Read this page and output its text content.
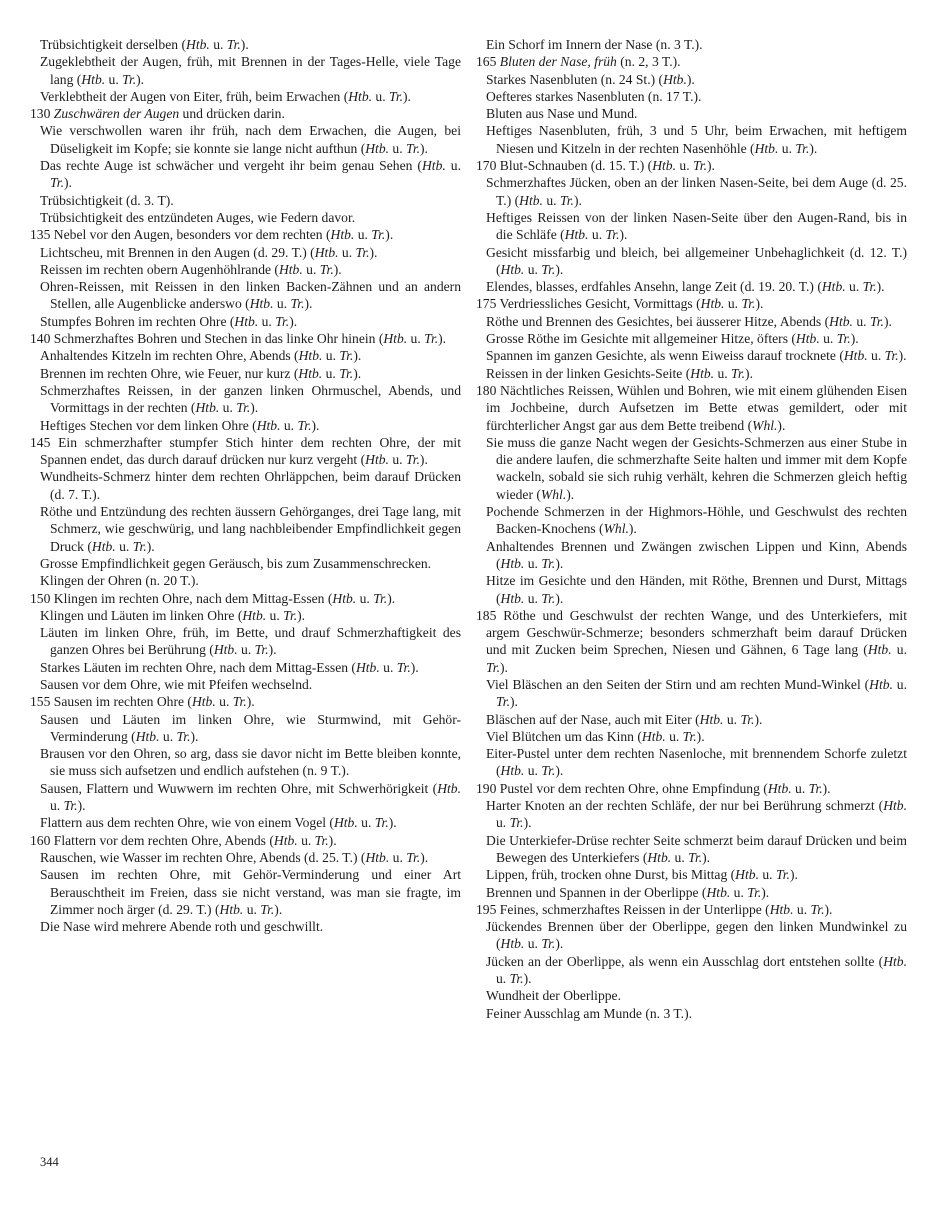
Trübsichtigkeit derselben (Htb. u. Tr.).

Zugeklebtheit der Augen, früh, mit Brennen in der Tages-Helle, viele Tage lang (Htb. u. Tr.).

Verklebtheit der Augen von Eiter, früh, beim Erwachen (Htb. u. Tr.).

130 Zuschwären der Augen und drücken darin.

Wie verschwollen waren ihr früh, nach dem Erwachen, die Augen, bei Düseligkeit im Kopfe; sie konnte sie lange nicht aufthun (Htb. u. Tr.).

Das rechte Auge ist schwächer und vergeht ihr beim genau Sehen (Htb. u. Tr.).

Trübsichtigkeit (d. 3. T).

Trübsichtigkeit des entzündeten Auges, wie Federn davor.

135 Nebel vor den Augen, besonders vor dem rechten (Htb. u. Tr.).

Lichtscheu, mit Brennen in den Augen (d. 29. T.) (Htb. u. Tr.).

Reissen im rechten obern Augenhöhlrande (Htb. u. Tr.).

Ohren-Reissen, mit Reissen in den linken Backen-Zähnen und an andern Stellen, alle Augenblicke anderswo (Htb. u. Tr.).

Stumpfes Bohren im rechten Ohre (Htb. u. Tr.).

140 Schmerzhaftes Bohren und Stechen in das linke Ohr hinein (Htb. u. Tr.).

Anhaltendes Kitzeln im rechten Ohre, Abends (Htb. u. Tr.).

Brennen im rechten Ohre, wie Feuer, nur kurz (Htb. u. Tr.).

Schmerzhaftes Reissen, in der ganzen linken Ohrmuschel, Abends, und Vormittags in der rechten (Htb. u. Tr.).

Heftiges Stechen vor dem linken Ohre (Htb. u. Tr.).

145 Ein schmerzhafter stumpfer Stich hinter dem rechten Ohre, der mit Spannen endet, das durch darauf drücken nur kurz vergeht (Htb. u. Tr.).

Wundheits-Schmerz hinter dem rechten Ohrläppchen, beim darauf Drücken (d. 7. T.).

Röthe und Entzündung des rechten äussern Gehörganges, drei Tage lang, mit Schmerz, wie geschwürig, und lang nachbleibender Empfindlichkeit gegen Druck (Htb. u. Tr.).

Grosse Empfindlichkeit gegen Geräusch, bis zum Zusammenschrecken.

Klingen der Ohren (n. 20 T.).

150 Klingen im rechten Ohre, nach dem Mittag-Essen (Htb. u. Tr.).

Klingen und Läuten im linken Ohre (Htb. u. Tr.).

Läuten im linken Ohre, früh, im Bette, und drauf Schmerzhaftigkeit des ganzen Ohres bei Berührung (Htb. u. Tr.).

Starkes Läuten im rechten Ohre, nach dem Mittag-Essen (Htb. u. Tr.).

Sausen vor dem Ohre, wie mit Pfeifen wechselnd.

155 Sausen im rechten Ohre (Htb. u. Tr.).

Sausen und Läuten im linken Ohre, wie Sturmwind, mit Gehör-Verminderung (Htb. u. Tr.).

Brausen vor den Ohren, so arg, dass sie davor nicht im Bette bleiben konnte, sie muss sich aufsetzen und endlich aufstehen (n. 9 T.).

Sausen, Flattern und Wuwwern im rechten Ohre, mit Schwerhörigkeit (Htb. u. Tr.).

Flattern aus dem rechten Ohre, wie von einem Vogel (Htb. u. Tr.).

160 Flattern vor dem rechten Ohre, Abends (Htb. u. Tr.).

Rauschen, wie Wasser im rechten Ohre, Abends (d. 25. T.) (Htb. u. Tr.).

Sausen im rechten Ohre, mit Gehör-Verminderung und einer Art Berauschtheit im Freien, dass sie nicht verstand, was man sie fragte, im Zimmer noch ärger (d. 29. T.) (Htb. u. Tr.).

Die Nase wird mehrere Abende roth und geschwillt.

Ein Schorf im Innern der Nase (n. 3 T.).

165 Bluten der Nase, früh (n. 2, 3 T.).

Starkes Nasenbluten (n. 24 St.) (Htb.).

Oefteres starkes Nasenbluten (n. 17 T.).

Bluten aus Nase und Mund.

Heftiges Nasenbluten, früh, 3 und 5 Uhr, beim Erwachen, mit heftigem Niesen und Kitzeln in der rechten Nasenhöhle (Htb. u. Tr.).

170 Blut-Schnauben (d. 15. T.) (Htb. u. Tr.).

Schmerzhaftes Jücken, oben an der linken Nasen-Seite, bei dem Auge (d. 25. T.) (Htb. u. Tr.).

Heftiges Reissen von der linken Nasen-Seite über den Augen-Rand, bis in die Schläfe (Htb. u. Tr.).

Gesicht missfarbig und bleich, bei allgemeiner Unbehaglichkeit (d. 12. T.) (Htb. u. Tr.).

Elendes, blasses, erdfahles Ansehn, lange Zeit (d. 19. 20. T.) (Htb. u. Tr.).

175 Verdriessliches Gesicht, Vormittags (Htb. u. Tr.).

Röthe und Brennen des Gesichtes, bei äusserer Hitze, Abends (Htb. u. Tr.).

Grosse Röthe im Gesichte mit allgemeiner Hitze, öfters (Htb. u. Tr.).

Spannen im ganzen Gesichte, als wenn Eiweiss darauf trocknete (Htb. u. Tr.).

Reissen in der linken Gesichts-Seite (Htb. u. Tr.).

180 Nächtliches Reissen, Wühlen und Bohren, wie mit einem glühenden Eisen im Jochbeine, durch Aufsetzen im Bette etwas gemildert, oder mit fürchterlicher Angst gar aus dem Bette treibend (Whl.).

Sie muss die ganze Nacht wegen der Gesichts-Schmerzen aus einer Stube in die andere laufen, die schmerzhafte Seite halten und immer mit dem Kopfe wackeln, sobald sie sich ruhig verhält, kehren die Schmerzen gleich heftig wieder (Whl.).

Pochende Schmerzen in der Highmors-Höhle, und Geschwulst des rechten Backen-Knochens (Whl.).

Anhaltendes Brennen und Zwängen zwischen Lippen und Kinn, Abends (Htb. u. Tr.).

Hitze im Gesichte und den Händen, mit Röthe, Brennen und Durst, Mittags (Htb. u. Tr.).

185 Röthe und Geschwulst der rechten Wange, und des Unterkiefers, mit argem Geschwür-Schmerze; besonders schmerzhaft beim darauf Drücken und mit Zucken beim Sprechen, Niesen und Gähnen, 6 Tage lang (Htb. u. Tr.).

Viel Bläschen an den Seiten der Stirn und am rechten Mund-Winkel (Htb. u. Tr.).

Bläschen auf der Nase, auch mit Eiter (Htb. u. Tr.).

Viel Blütchen um das Kinn (Htb. u. Tr.).

Eiter-Pustel unter dem rechten Nasenloche, mit brennendem Schorfe zuletzt (Htb. u. Tr.).

190 Pustel vor dem rechten Ohre, ohne Empfindung (Htb. u. Tr.).

Harter Knoten an der rechten Schläfe, der nur bei Berührung schmerzt (Htb. u. Tr.).

Die Unterkiefer-Drüse rechter Seite schmerzt beim darauf Drücken und beim Bewegen des Unterkiefers (Htb. u. Tr.).

Lippen, früh, trocken ohne Durst, bis Mittag (Htb. u. Tr.).

Brennen und Spannen in der Oberlippe (Htb. u. Tr.).

195 Feines, schmerzhaftes Reissen in der Unterlippe (Htb. u. Tr.).

Jückendes Brennen über der Oberlippe, gegen den linken Mundwinkel zu (Htb. u. Tr.).

Jücken an der Oberlippe, als wenn ein Ausschlag dort entstehen sollte (Htb. u. Tr.).

Wundheit der Oberlippe.

Feiner Ausschlag am Munde (n. 3 T.).

344
